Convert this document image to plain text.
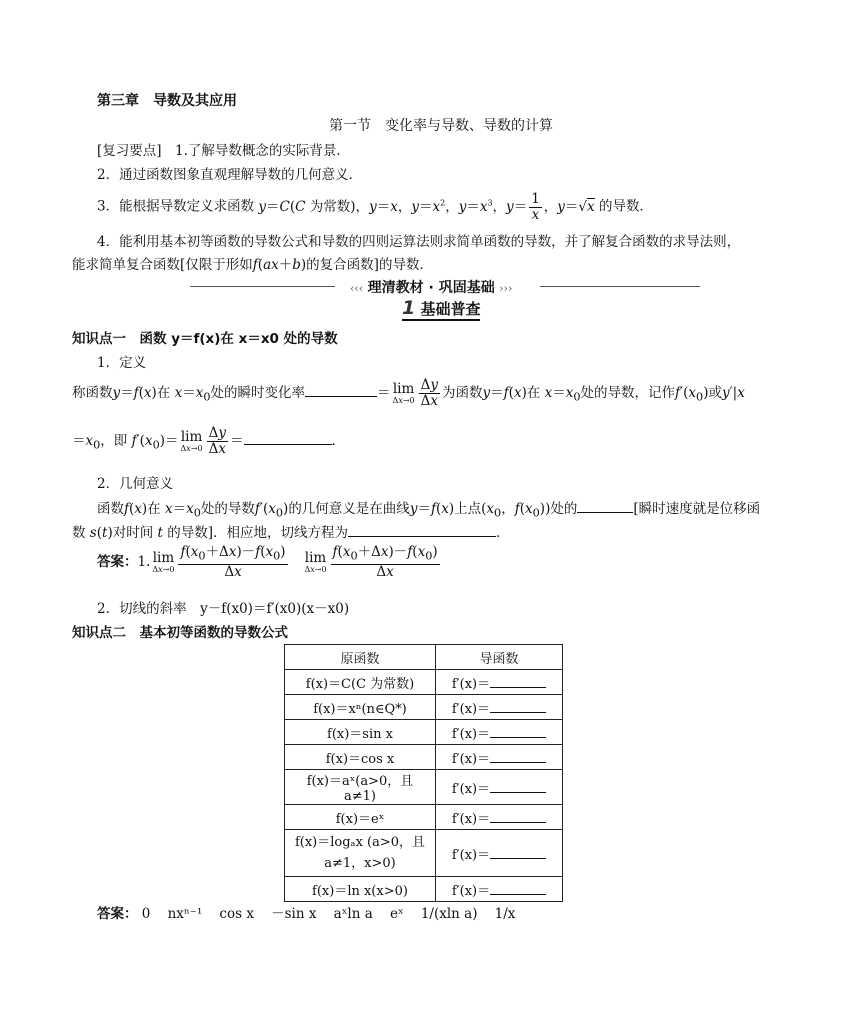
第三章　导数及其应用
第一节　变化率与导数、导数的计算
[复习要点]　1.了解导数概念的实际背景．
2．通过函数图象直观理解导数的几何意义．
3．能根据导数定义求函数 y＝C(C 为常数)，y＝x，$y=x^2$，$y=x^3$，$y= \frac{1}{x}$ ，y＝√x 的导数．
4．能利用基本初等函数的导数公式和导数的四则运算法则求简单函数的导数，并了解复合函数的求导法则，
能求简单复合函数[仅限于形如f(ax＋b)的复合函数]的导数．
‹‹‹ 理清教材 · 巩固基础 ›››
1 基础普查
知识点一　函数 y＝f(x)在 x＝x0 处的导数
1．定义
称函数y＝f(x)在 $x=x_0$处的瞬时变化率	＝ lim
$\Delta x\to 0 \frac{\Delta y}{\Delta x}$ 为函数y＝f(x)在 $x=x_0$处的导数，记作$f'(x_0)$或y′|x
$=x_0$，即 $f'(x_0)= \lim$
$\Delta x\to 0 \frac{\Delta y}{\Delta x}$ ＝	．
2．几何意义
函数f(x)在 $x=x_0$处的导数$f'(x_0)$的几何意义是在曲线y＝f(x)上点($x_0$，$f(x_0)$)处的	[瞬时速度就是位移函
数 s(t)对时间 t 的导数]．相应地，切线方程为	．
答案：1. lim
$\Delta x\to 0 \frac{f(x_0+\Delta x)-f(x_0)}{\Delta x}$
lim
$\Delta x\to 0 \frac{f(x_0+\Delta x)-f(x_0)}{\Delta x}$
2．切线的斜率　y－f(x0)＝f′(x0)(x－x0)
知识点二　基本初等函数的导数公式
原函数	导函数
f(x)＝C(C 为常数)	f′(x)＝
f(x)＝xⁿ(n∈Q*)	f′(x)＝
f(x)＝sin x	f′(x)＝
f(x)＝cos x	f′(x)＝
f(x)＝aˣ(a>0，且 a≠1)	f′(x)＝
f(x)＝eˣ	f′(x)＝
f(x)＝logₐx (a>0，且 a≠1，x>0)	f′(x)＝
f(x)＝ln x(x>0)	f′(x)＝
答案： 0 nxⁿ⁻¹ cos x －sin x aˣln a eˣ 1/(xln a) 1/x
